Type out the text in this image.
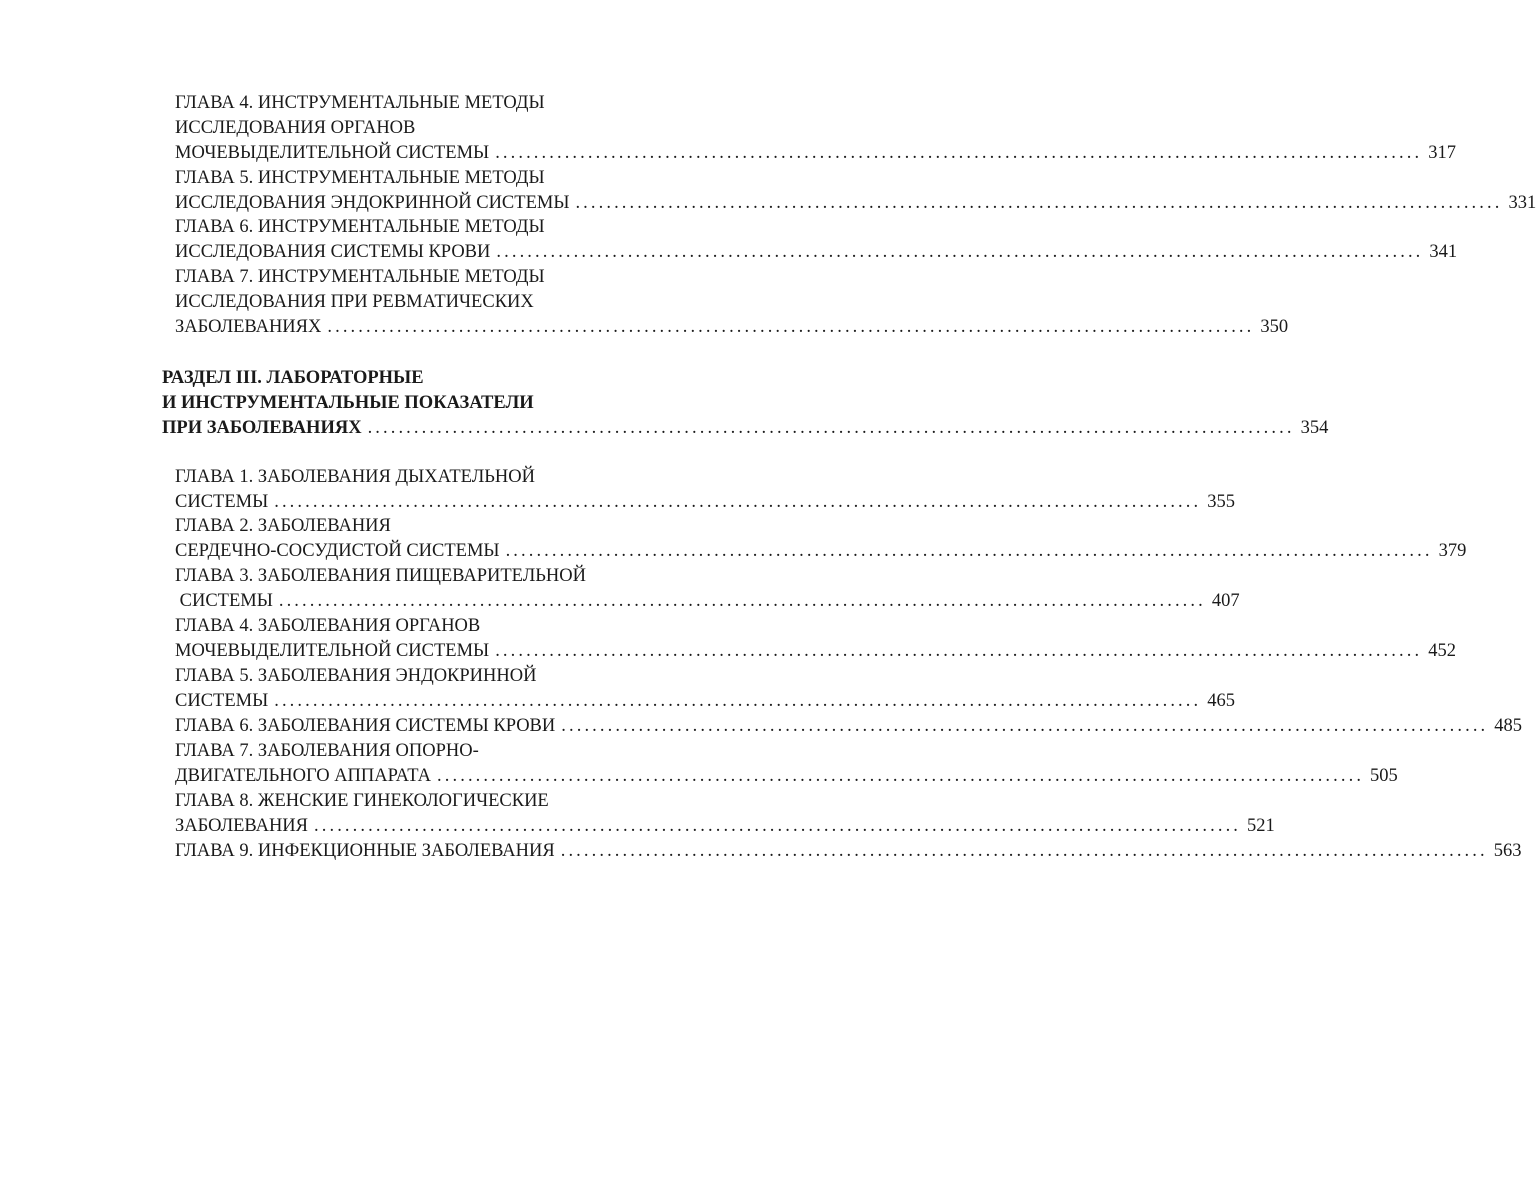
ГЛАВА 4. ИНСТРУМЕНТАЛЬНЫЕ МЕТОДЫ
ИССЛЕДОВАНИЯ ОРГАНОВ
МОЧЕВЫДЕЛИТЕЛЬНОЙ СИСТЕМЫ ........................................................................................................................ 317
ГЛАВА 5. ИНСТРУМЕНТАЛЬНЫЕ МЕТОДЫ
ИССЛЕДОВАНИЯ ЭНДОКРИННОЙ СИСТЕМЫ ........................................................................................................................ 331
ГЛАВА 6. ИНСТРУМЕНТАЛЬНЫЕ МЕТОДЫ
ИССЛЕДОВАНИЯ СИСТЕМЫ КРОВИ ........................................................................................................................ 341
ГЛАВА 7. ИНСТРУМЕНТАЛЬНЫЕ МЕТОДЫ
ИССЛЕДОВАНИЯ ПРИ РЕВМАТИЧЕСКИХ
ЗАБОЛЕВАНИЯХ ........................................................................................................................ 350
РАЗДЕЛ III. ЛАБОРАТОРНЫЕ
И ИНСТРУМЕНТАЛЬНЫЕ ПОКАЗАТЕЛИ
ПРИ ЗАБОЛЕВАНИЯХ ........................................................................................................................ 354
ГЛАВА 1. ЗАБОЛЕВАНИЯ ДЫХАТЕЛЬНОЙ
СИСТЕМЫ ........................................................................................................................ 355
ГЛАВА 2. ЗАБОЛЕВАНИЯ
СЕРДЕЧНО-СОСУДИСТОЙ СИСТЕМЫ ........................................................................................................................ 379
ГЛАВА 3. ЗАБОЛЕВАНИЯ ПИЩЕВАРИТЕЛЬНОЙ
СИСТЕМЫ ........................................................................................................................ 407
ГЛАВА 4. ЗАБОЛЕВАНИЯ ОРГАНОВ
МОЧЕВЫДЕЛИТЕЛЬНОЙ СИСТЕМЫ ........................................................................................................................ 452
ГЛАВА 5. ЗАБОЛЕВАНИЯ ЭНДОКРИННОЙ
СИСТЕМЫ ........................................................................................................................ 465
ГЛАВА 6. ЗАБОЛЕВАНИЯ СИСТЕМЫ КРОВИ ........................................................................................................................ 485
ГЛАВА 7. ЗАБОЛЕВАНИЯ ОПОРНО-
ДВИГАТЕЛЬНОГО АППАРАТА ........................................................................................................................ 505
ГЛАВА 8. ЖЕНСКИЕ ГИНЕКОЛОГИЧЕСКИЕ
ЗАБОЛЕВАНИЯ ........................................................................................................................ 521
ГЛАВА 9. ИНФЕКЦИОННЫЕ ЗАБОЛЕВАНИЯ ........................................................................................................................ 563
